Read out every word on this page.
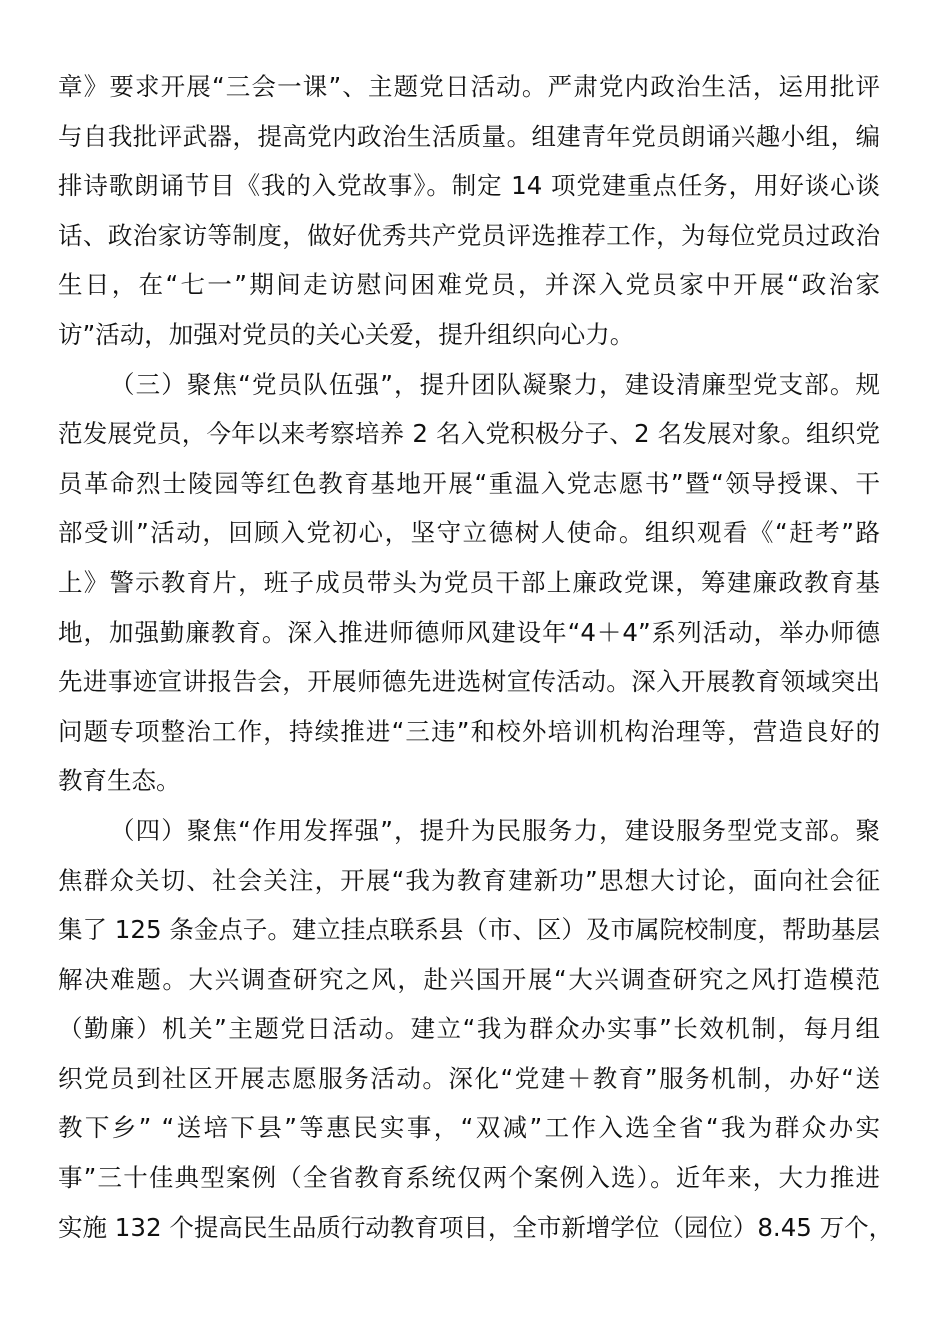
章》要求开展“三会一课”、主题党日活动。严肃党内政治生活，运用批评
与自我批评武器，提高党内政治生活质量。组建青年党员朗诵兴趣小组，编
排诗歌朗诵节目《我的入党故事》。制定 14 项党建重点任务，用好谈心谈
话、政治家访等制度，做好优秀共产党员评选推荐工作，为每位党员过政治
生日，在“七一”期间走访慰问困难党员，并深入党员家中开展“政治家
访”活动，加强对党员的关心关爱，提升组织向心力。
（三）聚焦“党员队伍强”，提升团队凝聚力，建设清廉型党支部。规
范发展党员，今年以来考察培养 2 名入党积极分子、2 名发展对象。组织党
员革命烈士陵园等红色教育基地开展“重温入党志愿书”暨“领导授课、干
部受训”活动，回顾入党初心，坚守立德树人使命。组织观看《“赶考”路
上》警示教育片，班子成员带头为党员干部上廉政党课，筹建廉政教育基
地，加强勤廉教育。深入推进师德师风建设年“4＋4”系列活动，举办师德
先进事迹宣讲报告会，开展师德先进选树宣传活动。深入开展教育领域突出
问题专项整治工作，持续推进“三违”和校外培训机构治理等，营造良好的
教育生态。
（四）聚焦“作用发挥强”，提升为民服务力，建设服务型党支部。聚
焦群众关切、社会关注，开展“我为教育建新功”思想大讨论，面向社会征
集了 125 条金点子。建立挂点联系县（市、区）及市属院校制度，帮助基层
解决难题。大兴调查研究之风，赴兴国开展“大兴调查研究之风打造模范
（勤廉）机关”主题党日活动。建立“我为群众办实事”长效机制，每月组
织党员到社区开展志愿服务活动。深化“党建＋教育”服务机制，办好“送
教下乡” “送培下县”等惠民实事，“双减”工作入选全省“我为群众办实
事”三十佳典型案例（全省教育系统仅两个案例入选）。近年来，大力推进
实施 132 个提高民生品质行动教育项目，全市新增学位（园位）8.45 万个，
